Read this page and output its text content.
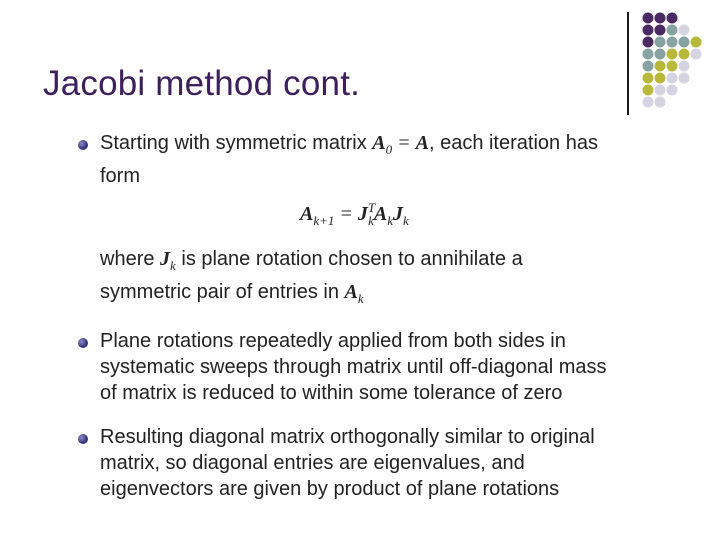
Jacobi method cont.
Starting with symmetric matrix $A_0 = A$, each iteration has
form
$A_{k+1} = J^T_kA_kJ_k$
where $J_k$ is plane rotation chosen to annihilate a
symmetric pair of entries in $A_k$
Plane rotations repeatedly applied from both sides in
systematic sweeps through matrix until off-diagonal mass
of matrix is reduced to within some tolerance of zero
Resulting diagonal matrix orthogonally similar to original
matrix, so diagonal entries are eigenvalues, and
eigenvectors are given by product of plane rotations
